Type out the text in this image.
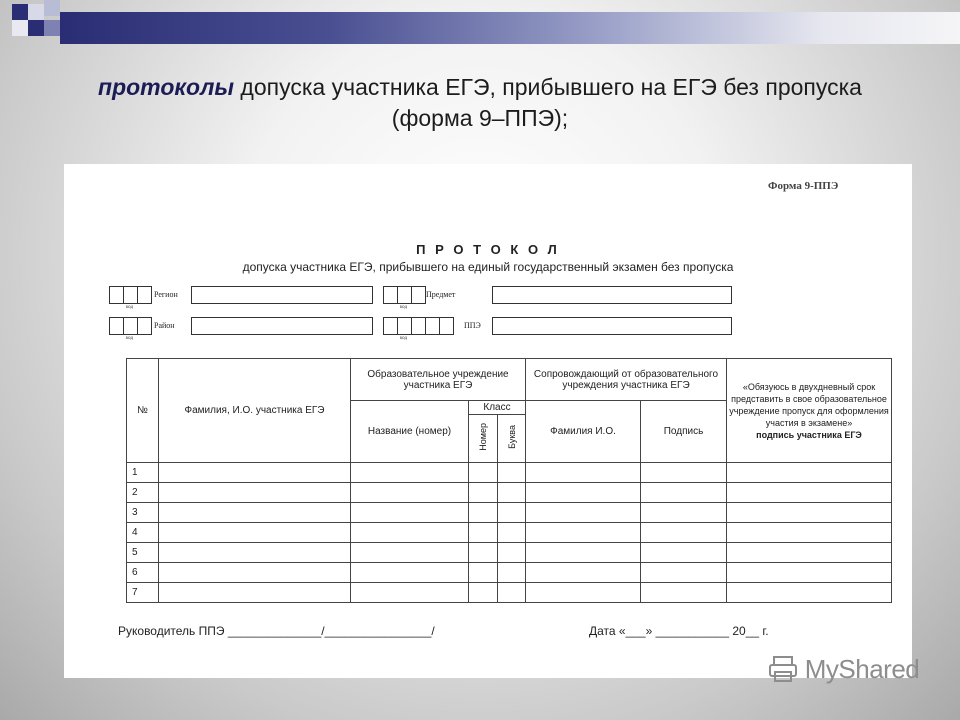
протоколы допуска участника ЕГЭ, прибывшего на ЕГЭ без пропуска (форма 9–ППЭ);
Форма 9-ППЭ
П Р О Т О К О Л
допуска участника ЕГЭ, прибывшего на единый государственный экзамен без пропуска
Регион
код
Предмет
код
Район
код
ППЭ
код
№	Фамилия, И.О. участника ЕГЭ	Образовательное учреждение участника ЕГЭ			Сопровождающий от образовательного учреждения участника ЕГЭ		«Обязуюсь в двухдневный срок представить в свое образовательное учреждение пропуск для оформления участия в экзамене»
подпись участника ЕГЭ
		Название (номер)	Класс		Фамилия И.О.	Подпись	
			Номер	Буква			
1							
2							
3							
4							
5							
6							
7							
Руководитель ППЭ ______________/________________/	Дата «___» ___________ 20__ г.
MyShared
